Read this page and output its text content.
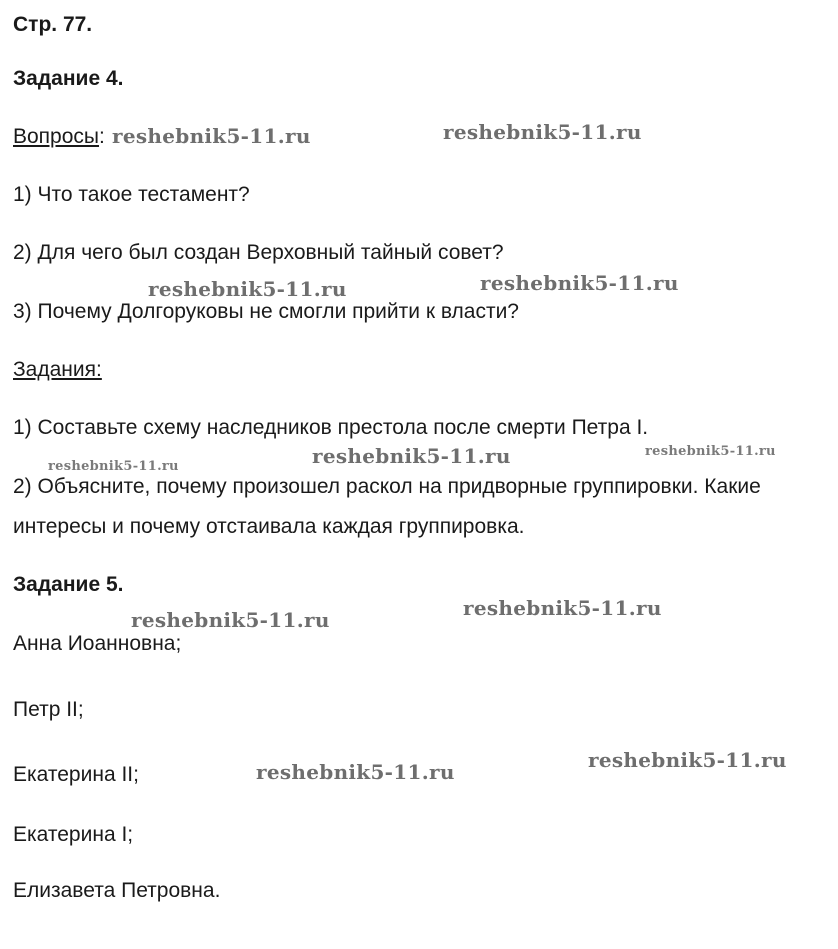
Стр. 77.
Задание 4.
Вопросы:
1) Что такое тестамент?
2) Для чего был создан Верховный тайный совет?
3) Почему Долгоруковы не смогли прийти к власти?
Задания:
1) Составьте схему наследников престола после смерти Петра I.
2) Объясните, почему произошел раскол на придворные группировки. Какие
интересы и почему отстаивала каждая группировка.
Задание 5.
Анна Иоанновна;
Петр II;
Екатерина II;
Екатерина I;
Елизавета Петровна.
reshebnik5-11.ru	reshebnik5-11.ru
reshebnik5-11.ru	reshebnik5-11.ru
reshebnik5-11.ru	reshebnik5-11.ru	reshebnik5-11.ru
reshebnik5-11.ru	reshebnik5-11.ru
reshebnik5-11.ru	reshebnik5-11.ru
